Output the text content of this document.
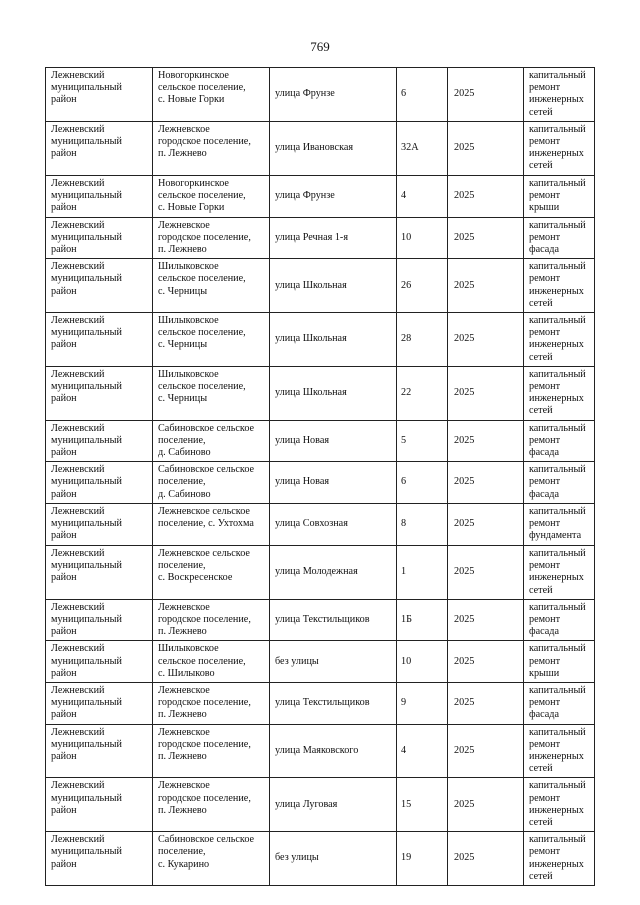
769
Лежневский
муниципальный
район	Новогоркинское
сельское поселение,
с. Новые Горки	улица Фрунзе	6	2025	капитальный
ремонт
инженерных
сетей
Лежневский
муниципальный
район	Лежневское
городское поселение,
п. Лежнево	улица Ивановская	32А	2025	капитальный
ремонт
инженерных
сетей
Лежневский
муниципальный
район	Новогоркинское
сельское поселение,
с. Новые Горки	улица Фрунзе	4	2025	капитальный
ремонт крыши
Лежневский
муниципальный
район	Лежневское
городское поселение,
п. Лежнево	улица Речная 1-я	10	2025	капитальный
ремонт фасада
Лежневский
муниципальный
район	Шилыковское
сельское поселение,
с. Черницы	улица Школьная	26	2025	капитальный
ремонт
инженерных
сетей
Лежневский
муниципальный
район	Шилыковское
сельское поселение,
с. Черницы	улица Школьная	28	2025	капитальный
ремонт
инженерных
сетей
Лежневский
муниципальный
район	Шилыковское
сельское поселение,
с. Черницы	улица Школьная	22	2025	капитальный
ремонт
инженерных
сетей
Лежневский
муниципальный
район	Сабиновское сельское
поселение,
д. Сабиново	улица Новая	5	2025	капитальный
ремонт фасада
Лежневский
муниципальный
район	Сабиновское сельское
поселение,
д. Сабиново	улица Новая	6	2025	капитальный
ремонт фасада
Лежневский
муниципальный
район	Лежневское сельское
поселение, с. Ухтохма	улица Совхозная	8	2025	капитальный
ремонт
фундамента
Лежневский
муниципальный
район	Лежневское сельское
поселение,
с. Воскресенское	улица Молодежная	1	2025	капитальный
ремонт
инженерных
сетей
Лежневский
муниципальный
район	Лежневское
городское поселение,
п. Лежнево	улица Текстильщиков	1Б	2025	капитальный
ремонт фасада
Лежневский
муниципальный
район	Шилыковское
сельское поселение,
с. Шилыково	без улицы	10	2025	капитальный
ремонт крыши
Лежневский
муниципальный
район	Лежневское
городское поселение,
п. Лежнево	улица Текстильщиков	9	2025	капитальный
ремонт фасада
Лежневский
муниципальный
район	Лежневское
городское поселение,
п. Лежнево	улица Маяковского	4	2025	капитальный
ремонт
инженерных
сетей
Лежневский
муниципальный
район	Лежневское
городское поселение,
п. Лежнево	улица Луговая	15	2025	капитальный
ремонт
инженерных
сетей
Лежневский
муниципальный
район	Сабиновское сельское
поселение,
с. Кукарино	без улицы	19	2025	капитальный
ремонт
инженерных
сетей
